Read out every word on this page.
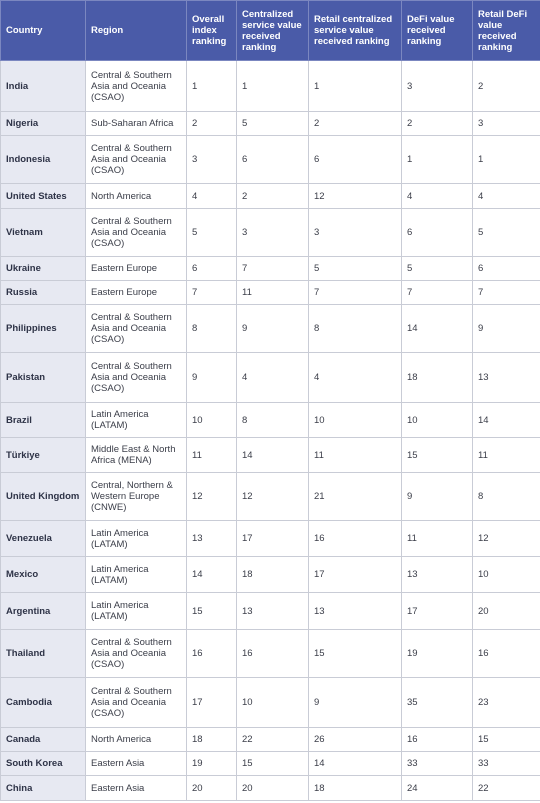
Country	Region	Overall index ranking	Centralized service value received ranking	Retail centralized service value received ranking	DeFi value received ranking	Retail DeFi value received ranking
India	Central & Southern Asia and Oceania (CSAO)	1	1	1	3	2
Nigeria	Sub-Saharan Africa	2	5	2	2	3
Indonesia	Central & Southern Asia and Oceania (CSAO)	3	6	6	1	1
United States	North America	4	2	12	4	4
Vietnam	Central & Southern Asia and Oceania (CSAO)	5	3	3	6	5
Ukraine	Eastern Europe	6	7	5	5	6
Russia	Eastern Europe	7	11	7	7	7
Philippines	Central & Southern Asia and Oceania (CSAO)	8	9	8	14	9
Pakistan	Central & Southern Asia and Oceania (CSAO)	9	4	4	18	13
Brazil	Latin America (LATAM)	10	8	10	10	14
Türkiye	Middle East & North Africa (MENA)	11	14	11	15	11
United Kingdom	Central, Northern & Western Europe (CNWE)	12	12	21	9	8
Venezuela	Latin America (LATAM)	13	17	16	11	12
Mexico	Latin America (LATAM)	14	18	17	13	10
Argentina	Latin America (LATAM)	15	13	13	17	20
Thailand	Central & Southern Asia and Oceania (CSAO)	16	16	15	19	16
Cambodia	Central & Southern Asia and Oceania (CSAO)	17	10	9	35	23
Canada	North America	18	22	26	16	15
South Korea	Eastern Asia	19	15	14	33	33
China	Eastern Asia	20	20	18	24	22
